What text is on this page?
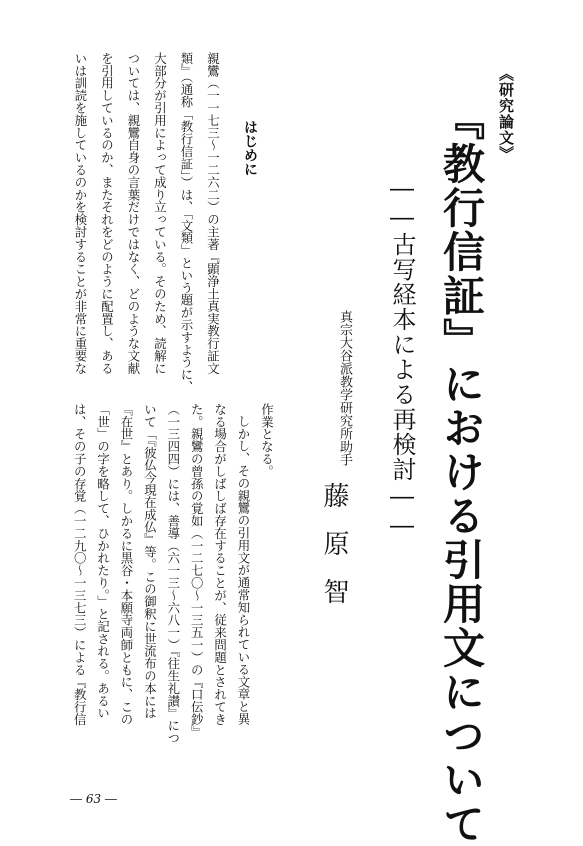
《研究論文》
『教行信証』における引用文について
――古写経本による再検討――
真宗大谷派教学研究所助手
藤原智
はじめに
親鸞（一一七三～一二六二）の主著『顕浄土真実教行証文
類』（通称「教行信証」）は、「文類」という題が示すように、
大部分が引用によって成り立っている。そのため、読解に
ついては、親鸞自身の言葉だけではなく、どのような文献
を引用しているのか、またそれをどのように配置し、ある
いは訓読を施しているのかを検討することが非常に重要な
作業となる。
しかし、その親鸞の引用文が通常知られている文章と異
なる場合がしばしば存在することが、従来問題とされてき
た。親鸞の曾孫の覚如（一二七〇～一三五一）の『口伝鈔』
（一三四四）には、善導（六一三～六八一）『往生礼讃』につ
いて「『彼仏今現在成仏』等。この御釈に世流布の本には
『在世』とあり。しかるに黒谷・本願寺両師ともに、この
「世」の字を略して、ひかれたり。」と記される。あるい
は、その子の存覚（一二九〇～一三七三）による『教行信
― 63 ―
